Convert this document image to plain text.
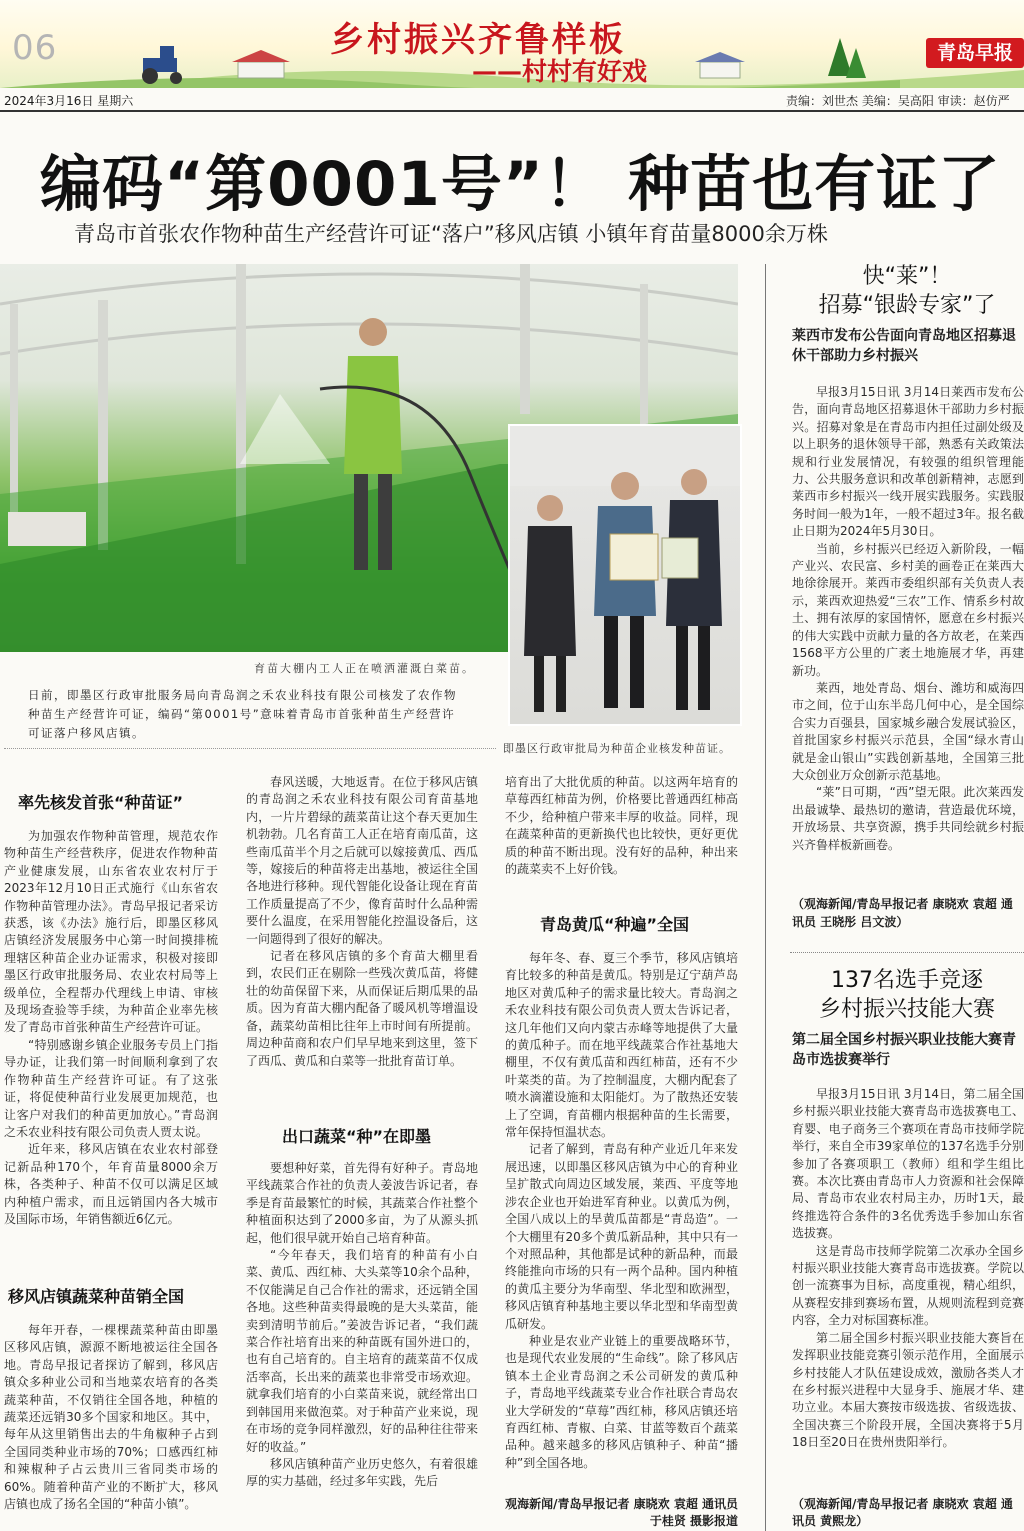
06	乡村振兴齐鲁样板
——村村有好戏
青岛早报
2024年3月16日 星期六	责编：刘世杰 美编：吴高阳 审读：赵仿严
编码“第0001号”！ 种苗也有证了
青岛市首张农作物种苗生产经营许可证“落户”移风店镇 小镇年育苗量8000余万株
育苗大棚内工人正在喷洒灌溉白菜苗。
日前，即墨区行政审批服务局向青岛润之禾农业科技有限公司核发了农作物种苗生产经营许可证，编码“第0001号”意味着青岛市首张种苗生产经营许可证落户移风店镇。
即墨区行政审批局为种苗企业核发种苗证。
率先核发首张“种苗证”

为加强农作物种苗管理，规范农作物种苗生产经营秩序，促进农作物种苗产业健康发展，山东省农业农村厅于2023年12月10日正式施行《山东省农作物种苗管理办法》。青岛早报记者采访获悉，该《办法》施行后，即墨区移风店镇经济发展服务中心第一时间摸排梳理辖区种苗企业办证需求，积极对接即墨区行政审批服务局、农业农村局等上级单位，全程帮办代理线上申请、审核及现场查验等手续，为种苗企业率先核发了青岛市首张种苗生产经营许可证。

“特别感谢乡镇企业服务专员上门指导办证，让我们第一时间顺利拿到了农作物种苗生产经营许可证。有了这张证，将促使种苗行业发展更加规范，也让客户对我们的种苗更加放心。”青岛润之禾农业科技有限公司负责人贾太说。

近年来，移风店镇在农业农村部登记新品种170个，年育苗量8000余万株，各类种子、种苗不仅可以满足区域内种植户需求，而且远销国内各大城市及国际市场，年销售额近6亿元。

移风店镇蔬菜种苗销全国

每年开春，一棵棵蔬菜种苗由即墨区移风店镇，源源不断地被运往全国各地。青岛早报记者探访了解到，移风店镇众多种业公司和当地菜农培育的各类蔬菜种苗，不仅销往全国各地，种植的蔬菜还远销30多个国家和地区。其中，每年从这里销售出去的牛角椒种子占到全国同类种业市场的70%；口感西红柿和辣椒种子占云贵川三省同类市场的60%。随着种苗产业的不断扩大，移风店镇也成了扬名全国的“种苗小镇”。

春风送暖，大地返青。在位于移风店镇的青岛润之禾农业科技有限公司育苗基地内，一片片碧绿的蔬菜苗让这个春天更加生机勃勃。几名育苗工人正在培育南瓜苗，这些南瓜苗半个月之后就可以嫁接黄瓜、西瓜等，嫁接后的种苗将走出基地，被运往全国各地进行移种。现代智能化设备让现在育苗工作质量提高了不少，像育苗时什么品种需要什么温度，在采用智能化控温设备后，这一问题得到了很好的解决。

记者在移风店镇的多个育苗大棚里看到，农民们正在剔除一些残次黄瓜苗，将健壮的幼苗保留下来，从而保证后期瓜果的品质。因为育苗大棚内配备了暖风机等增温设备，蔬菜幼苗相比往年上市时间有所提前。周边种苗商和农户们早早地来到这里，签下了西瓜、黄瓜和白菜等一批批育苗订单。

出口蔬菜“种”在即墨

要想种好菜，首先得有好种子。青岛地平线蔬菜合作社的负责人姜波告诉记者，春季是育苗最繁忙的时候，其蔬菜合作社整个种植面积达到了2000多亩，为了从源头抓起，他们很早就开始自己培育种苗。

“今年春天，我们培育的种苗有小白菜、黄瓜、西红柿、大头菜等10余个品种，不仅能满足自己合作社的需求，还远销全国各地。这些种苗卖得最晚的是大头菜苗，能卖到清明节前后。”姜波告诉记者，“我们蔬菜合作社培育出来的种苗既有国外进口的，也有自己培育的。自主培育的蔬菜苗不仅成活率高，长出来的蔬菜也非常受市场欢迎。就拿我们培育的小白菜苗来说，就经常出口到韩国用来做泡菜。对于种苗产业来说，现在市场的竞争同样激烈，好的品种往往带来好的收益。”

移风店镇种苗产业历史悠久，有着很雄厚的实力基础，经过多年实践，先后

培育出了大批优质的种苗。以这两年培育的草莓西红柿苗为例，价格要比普通西红柿高不少，给种植户带来丰厚的收益。同样，现在蔬菜种苗的更新换代也比较快，更好更优质的种苗不断出现。没有好的品种，种出来的蔬菜卖不上好价钱。

青岛黄瓜“种遍”全国

每年冬、春、夏三个季节，移风店镇培育比较多的种苗是黄瓜。特别是辽宁葫芦岛地区对黄瓜种子的需求量比较大。青岛润之禾农业科技有限公司负责人贾太告诉记者，这几年他们又向内蒙古赤峰等地提供了大量的黄瓜种子。而在地平线蔬菜合作社基地大棚里，不仅有黄瓜苗和西红柿苗，还有不少叶菜类的苗。为了控制温度，大棚内配套了喷水滴灌设施和太阳能灯。为了散热还安装上了空调，育苗棚内根据种苗的生长需要，常年保持恒温状态。

记者了解到，青岛有种产业近几年来发展迅速，以即墨区移风店镇为中心的育种业呈扩散式向周边区域发展，莱西、平度等地涉农企业也开始进军育种业。以黄瓜为例，全国八成以上的旱黄瓜苗都是“青岛造”。一个大棚里有20多个黄瓜新品种，其中只有一个对照品种，其他都是试种的新品种，而最终能推向市场的只有一两个品种。国内种植的黄瓜主要分为华南型、华北型和欧洲型，移风店镇育种基地主要以华北型和华南型黄瓜研发。

种业是农业产业链上的重要战略环节，也是现代农业发展的“生命线”。除了移风店镇本土企业青岛润之禾公司研发的黄瓜种子，青岛地平线蔬菜专业合作社联合青岛农业大学研发的“草莓”西红柿，移风店镇还培育西红柿、青椒、白菜、甘蓝等数百个蔬菜品种。越来越多的移风店镇种子、种苗“播种”到全国各地。

观海新闻/青岛早报记者 康晓欢 袁超 通讯员 于桂贤 摄影报道
快“莱”！
招募“银龄专家”了
莱西市发布公告面向青岛地区招募退休干部助力乡村振兴

早报3月15日讯 3月14日莱西市发布公告，面向青岛地区招募退休干部助力乡村振兴。招募对象是在青岛市内担任过副处级及以上职务的退休领导干部，熟悉有关政策法规和行业发展情况，有较强的组织管理能力、公共服务意识和改革创新精神，志愿到莱西市乡村振兴一线开展实践服务。实践服务时间一般为1年，一般不超过3年。报名截止日期为2024年5月30日。

当前，乡村振兴已经迈入新阶段，一幅产业兴、农民富、乡村美的画卷正在莱西大地徐徐展开。莱西市委组织部有关负责人表示，莱西欢迎热爱“三农”工作、情系乡村故土、拥有浓厚的家国情怀，愿意在乡村振兴的伟大实践中贡献力量的各方故老，在莱西1568平方公里的广袤土地施展才华，再建新功。

莱西，地处青岛、烟台、潍坊和威海四市之间，位于山东半岛几何中心，是全国综合实力百强县，国家城乡融合发展试验区，首批国家乡村振兴示范县，全国“绿水青山就是金山银山”实践创新基地，全国第三批大众创业万众创新示范基地。

“莱”日可期，“西”望无限。此次莱西发出最诚挚、最热切的邀请，营造最优环境，开放场景、共享资源，携手共同绘就乡村振兴齐鲁样板新画卷。

（观海新闻/青岛早报记者 康晓欢 袁超 通讯员 王晓彤 吕文波）
137名选手竞逐
乡村振兴技能大赛
第二届全国乡村振兴职业技能大赛青岛市选拔赛举行

早报3月15日讯 3月14日，第二届全国乡村振兴职业技能大赛青岛市选拔赛电工、育婴、电子商务三个赛项在青岛市技师学院举行，来自全市39家单位的137名选手分别参加了各赛项职工（教师）组和学生组比赛。本次比赛由青岛市人力资源和社会保障局、青岛市农业农村局主办，历时1天，最终推选符合条件的3名优秀选手参加山东省选拔赛。

这是青岛市技师学院第二次承办全国乡村振兴职业技能大赛青岛市选拔赛。学院以创一流赛事为目标，高度重视，精心组织，从赛程安排到赛场布置，从规则流程到竞赛内容，全力对标国赛标准。

第二届全国乡村振兴职业技能大赛旨在发挥职业技能竞赛引领示范作用，全面展示乡村技能人才队伍建设成效，激励各类人才在乡村振兴进程中大显身手、施展才华、建功立业。本届大赛按市级选拔、省级选拔、全国决赛三个阶段开展，全国决赛将于5月18日至20日在贵州贵阳举行。

（观海新闻/青岛早报记者 康晓欢 袁超 通讯员 黄熙龙）
